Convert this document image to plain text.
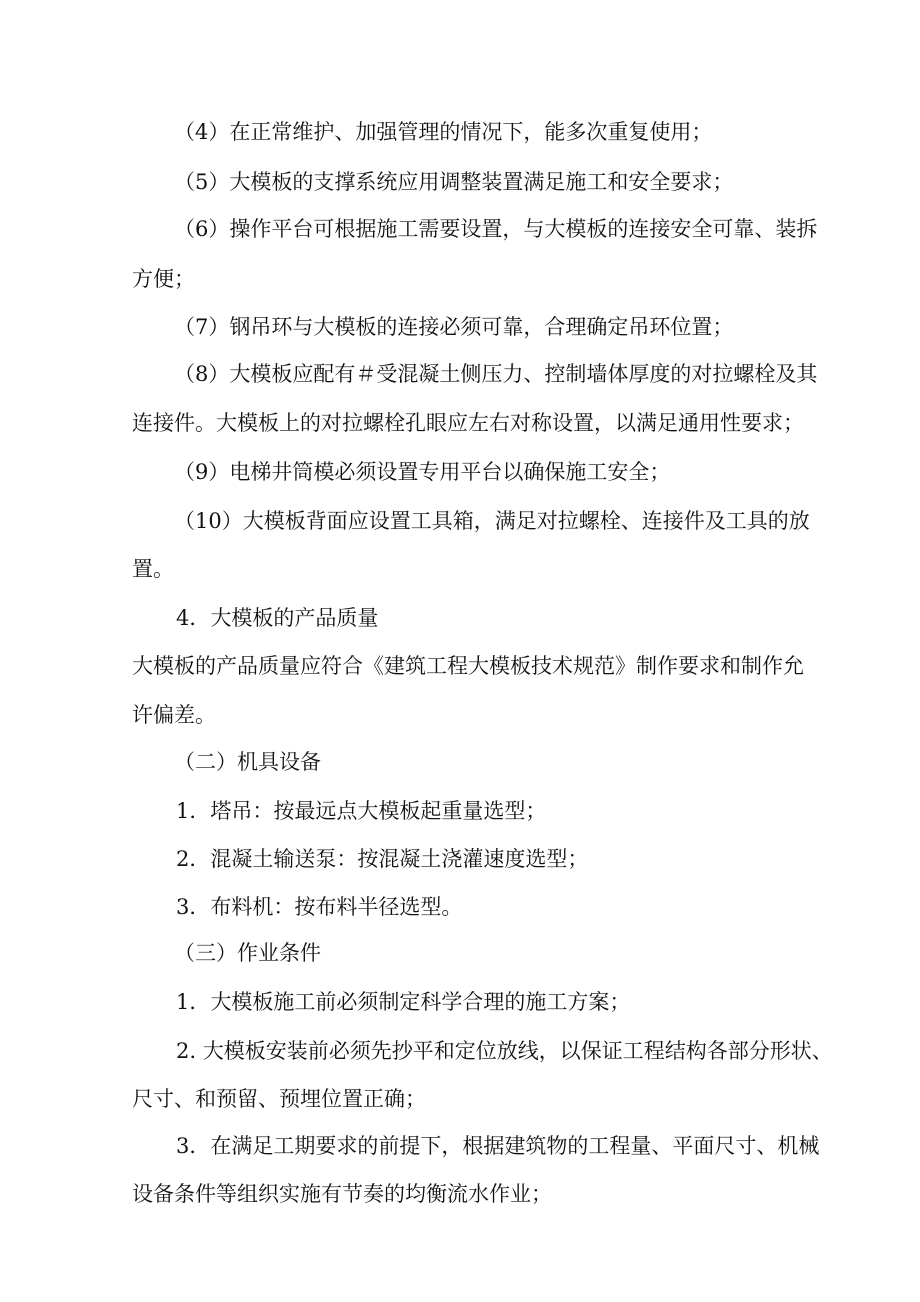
（4）在正常维护、加强管理的情况下，能多次重复使用；
（5）大模板的支撑系统应用调整装置满足施工和安全要求；
（6）操作平台可根据施工需要设置，与大模板的连接安全可靠、装拆
方便；
（7）钢吊环与大模板的连接必须可靠，合理确定吊环位置；
（8）大模板应配有＃受混凝土侧压力、控制墙体厚度的对拉螺栓及其
连接件。大模板上的对拉螺栓孔眼应左右对称设置，以满足通用性要求；
（9）电梯井筒模必须设置专用平台以确保施工安全；
（10）大模板背面应设置工具箱，满足对拉螺栓、连接件及工具的放
置。
4．大模板的产品质量
大模板的产品质量应符合《建筑工程大模板技术规范》制作要求和制作允
许偏差。
（二）机具设备
1．塔吊：按最远点大模板起重量选型；
2．混凝土输送泵：按混凝土浇灌速度选型；
3．布料机：按布料半径选型。
（三）作业条件
1．大模板施工前必须制定科学合理的施工方案；
2. 大模板安装前必须先抄平和定位放线，以保证工程结构各部分形状、
尺寸、和预留、预埋位置正确；
3．在满足工期要求的前提下，根据建筑物的工程量、平面尺寸、机械
设备条件等组织实施有节奏的均衡流水作业；
